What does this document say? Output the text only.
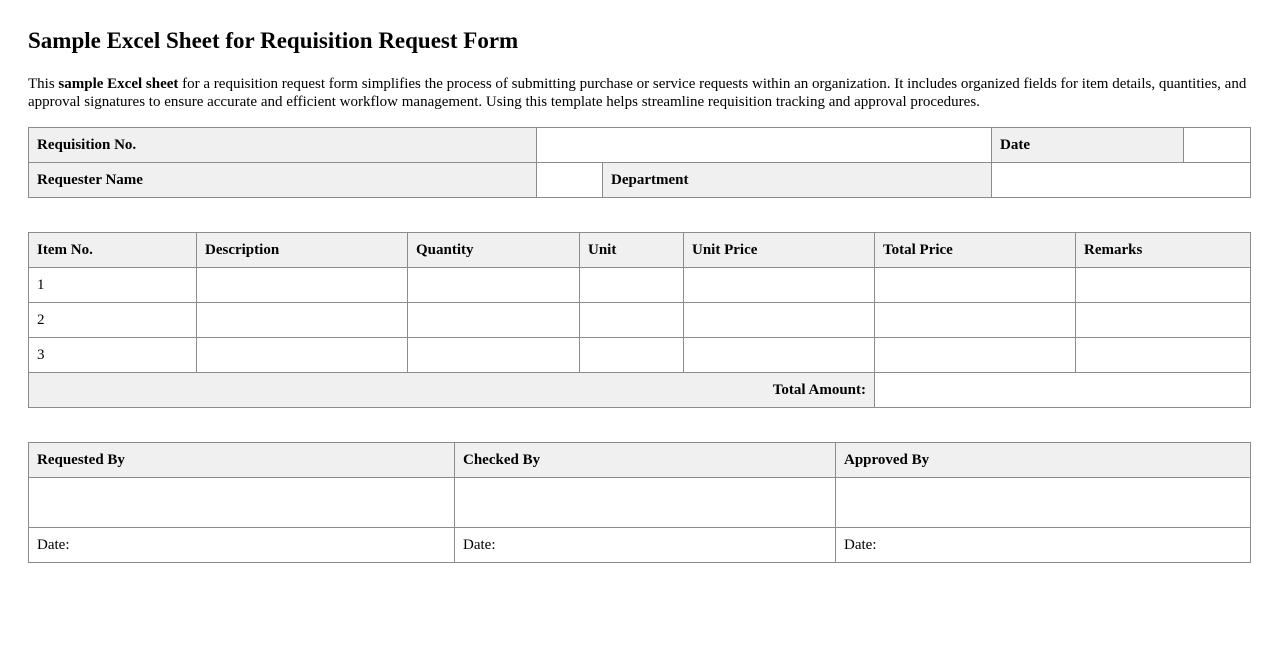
Sample Excel Sheet for Requisition Request Form

This sample Excel sheet for a requisition request form simplifies the process of submitting purchase or service requests within an organization. It includes organized fields for item details, quantities, and approval signatures to ensure accurate and efficient workflow management. Using this template helps streamline requisition tracking and approval procedures.

Requisition No.			Date	
Requester Name		Department		
Item No.	Description	Quantity	Unit	Unit Price	Total Price	Remarks
1						
2						
3						
Total Amount:						
Requested By	Checked By	Approved By

Date:	Date:	Date:
